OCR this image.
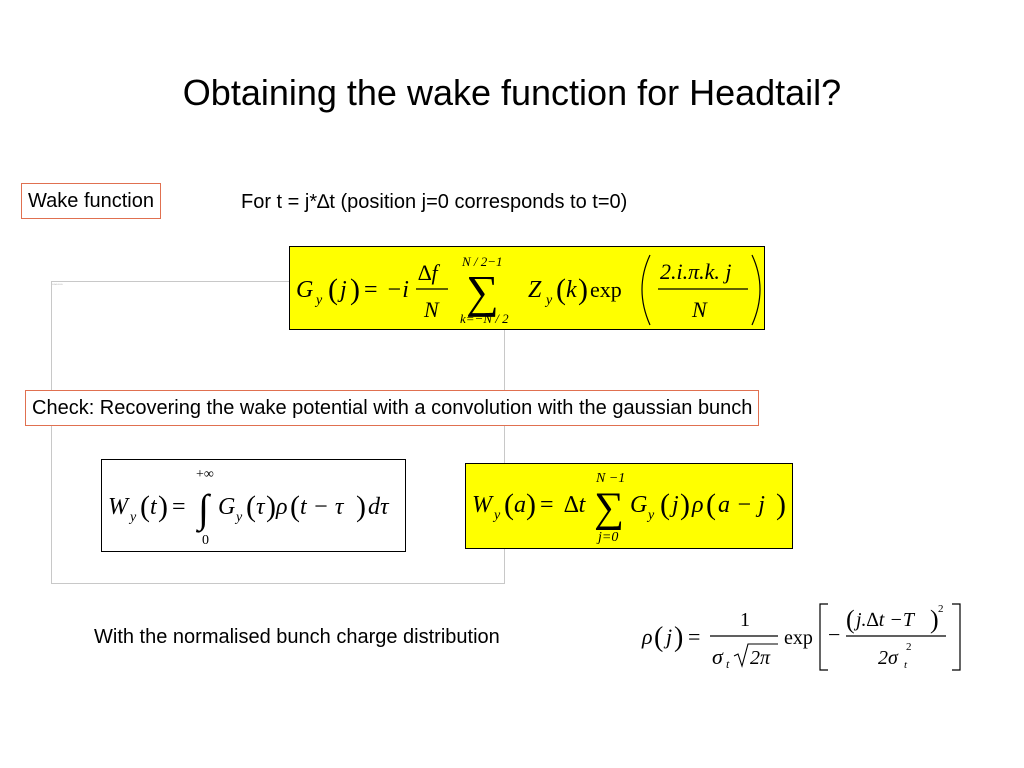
Obtaining the wake function for Headtail?
Wake function	For t = j*∆t (position j=0 corresponds to t=0)
▫▫▫▫▫▫	G y ( j ) = −i
∆f
N
N / 2−1
∑
k=−N / 2
Z y ( k ) exp
2.i.π.k. j
N
Check: Recovering the wake potential with a convolution with the gaussian bunch
W y ( t ) =
+∞
∫
0
G y ( τ ) ρ ( t − τ ) dτ	W y ( a ) = ∆t
N −1
∑
j=0
G y ( j ) ρ ( a − j )
With the normalised bunch charge distribution	ρ ( j ) =
1
σ t 2π
exp −
( j.∆t −T ) 2
2σ t
2
